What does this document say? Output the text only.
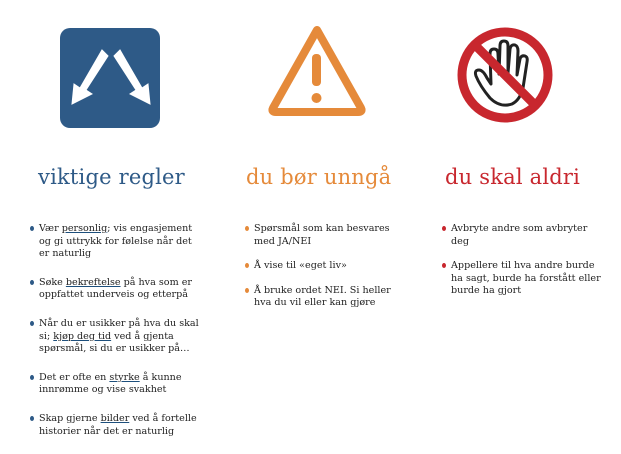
viktige regler
Vær personlig; vis engasjement og gi uttrykk for følelse når det er naturlig
Søke bekreftelse på hva som er oppfattet underveis og etterpå
Når du er usikker på hva du skal si; kjøp deg tid ved å gjenta spørsmål, si du er usikker på…
Det er ofte en styrke å kunne innrømme og vise svakhet
Skap gjerne bilder ved å fortelle historier når det er naturlig
du bør unngå
Spørsmål som kan besvares med JA/NEI
Å vise til «eget liv»
Å bruke ordet NEI. Si heller hva du vil eller kan gjøre
du skal aldri
Avbryte andre som avbryter deg
Appellere til hva andre burde ha sagt, burde ha forstått eller burde ha gjort
